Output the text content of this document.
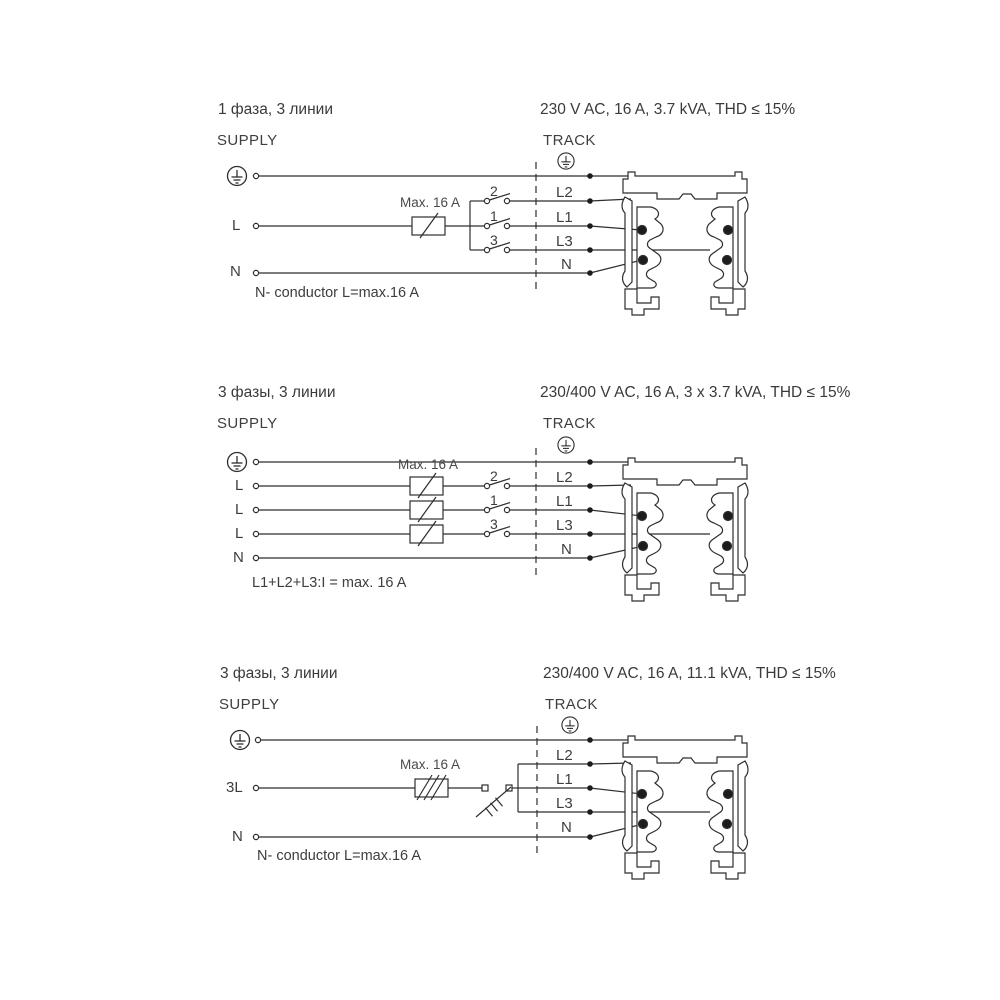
1 фаза, 3 линии	230 V AC, 16 A, 3.7 kVA, THD ≤ 15%
SUPPLY	TRACK
L
N
Max. 16 A
2
1
3
L2
L1
L3
N
N- conductor L=max.16 A
3 фазы, 3 линии	230/400 V AC, 16 A, 3 x 3.7 kVA, THD ≤ 15%
SUPPLY	TRACK
L
L
L
N
Max. 16 A
2
1
3
L2
L1
L3
N
L1+L2+L3:I = max. 16 A
3 фазы, 3 линии	230/400 V AC, 16 A, 11.1 kVA, THD ≤ 15%
SUPPLY	TRACK
3L
N
Max. 16 A
L2
L1
L3
N
N- conductor L=max.16 A
